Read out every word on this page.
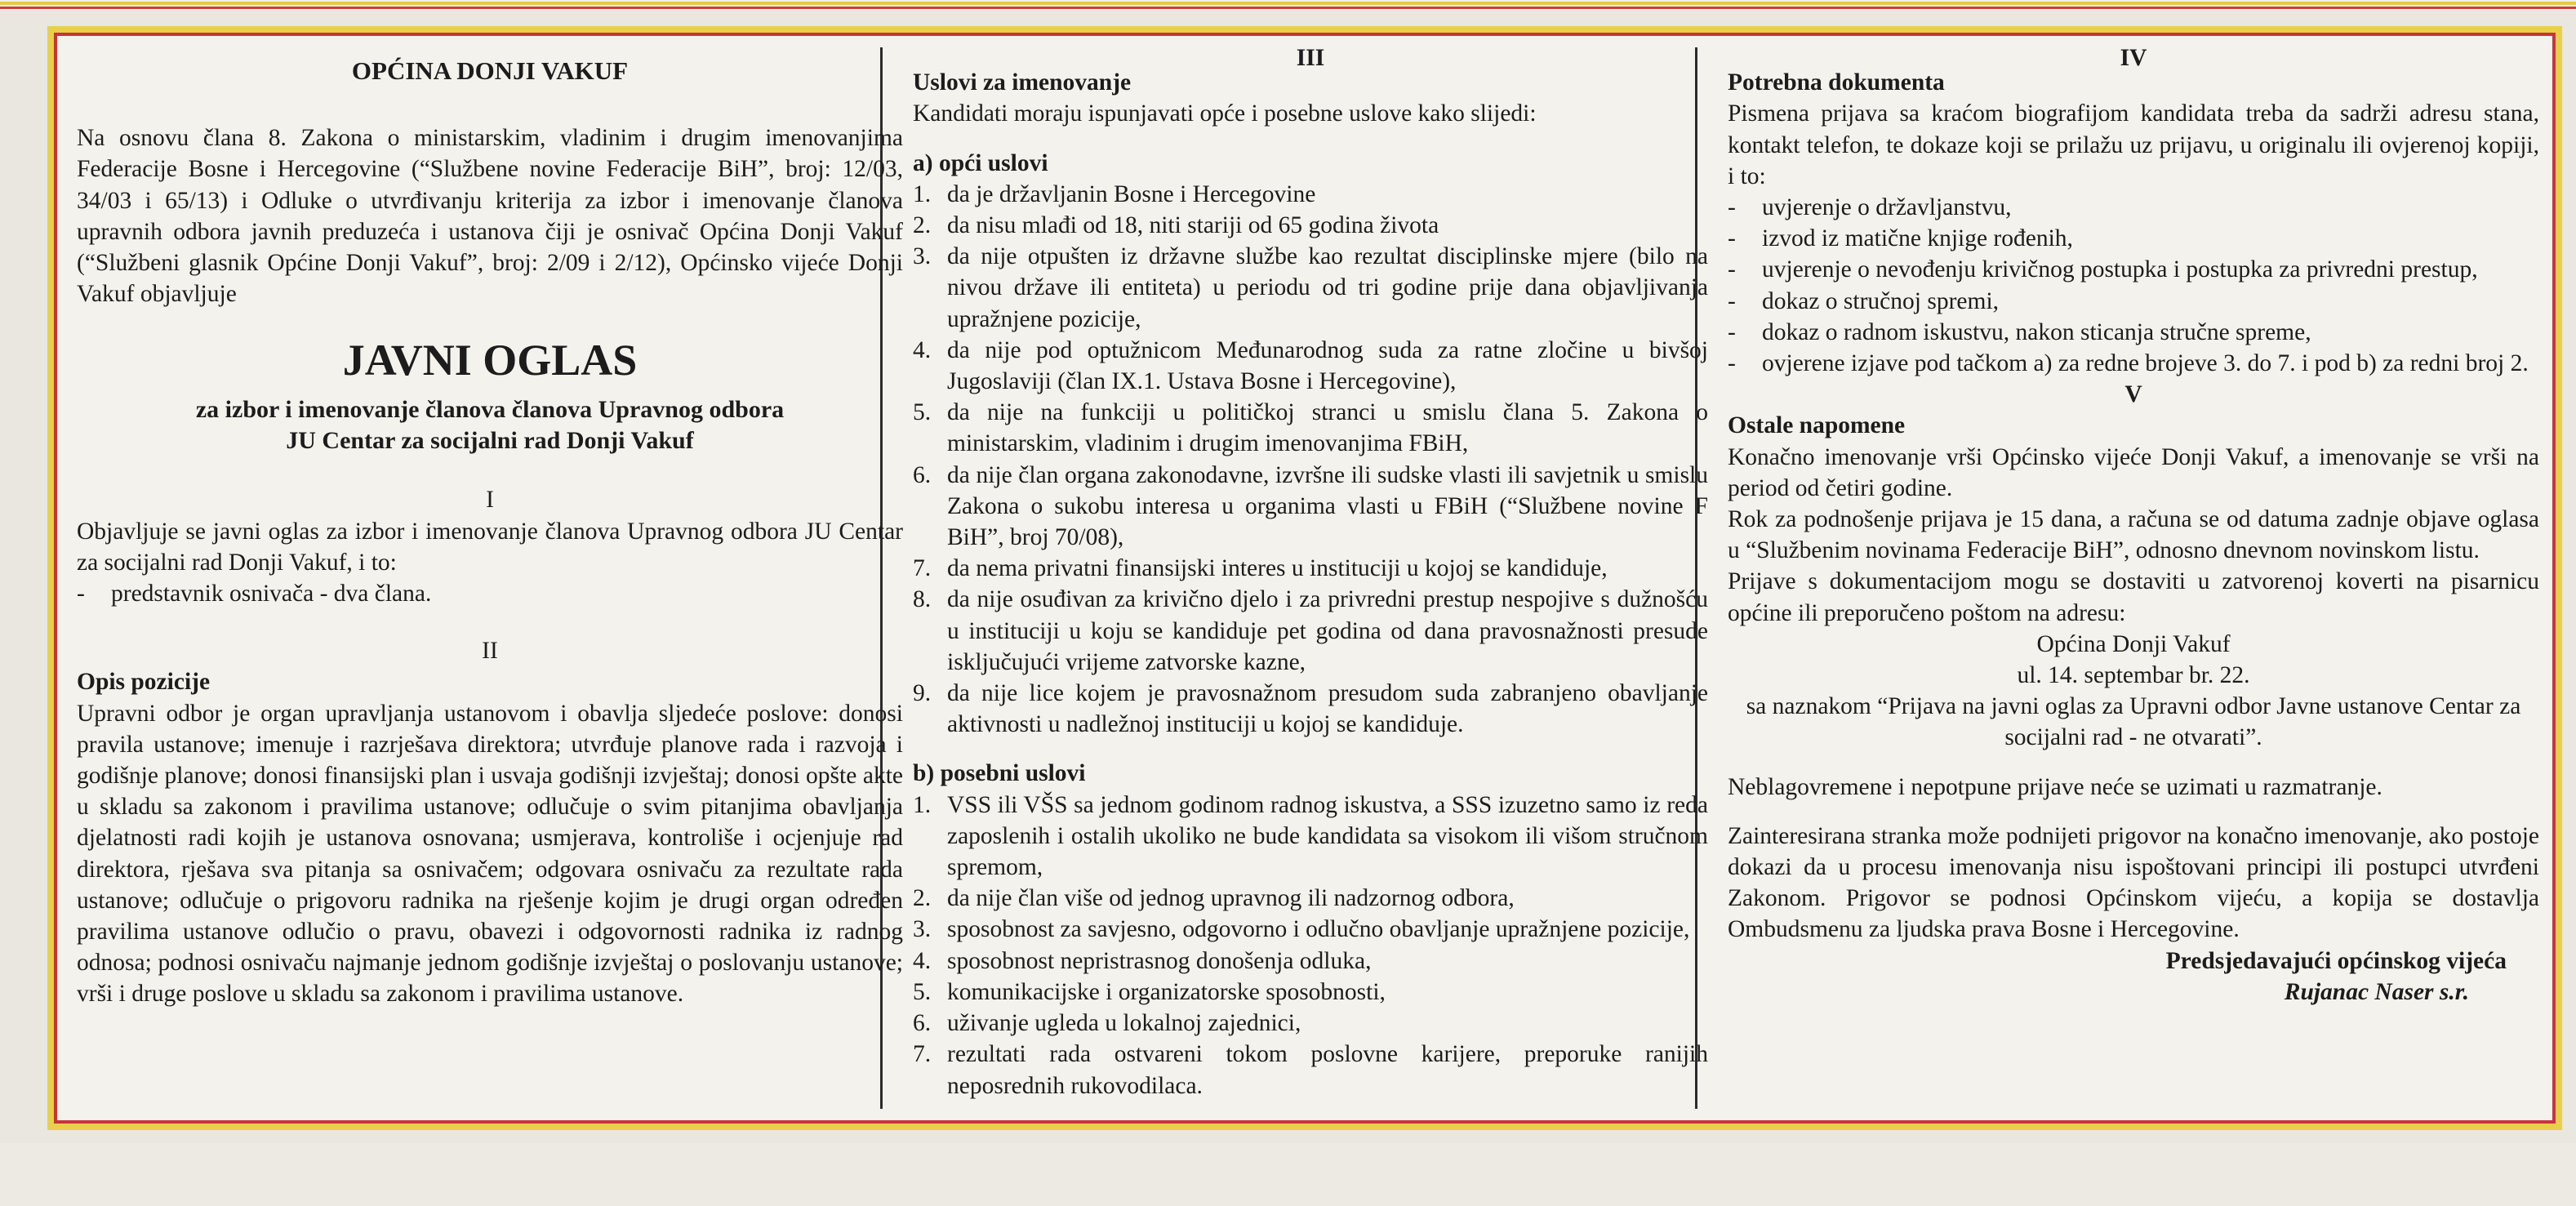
OPĆINA DONJI VAKUF

Na osnovu člana 8. Zakona o ministarskim, vladinim i drugim imenovanjima Federacije Bosne i Hercegovine (“Službene novine Federacije BiH”, broj: 12/03, 34/03 i 65/13) i Odluke o utvrđivanju kriterija za izbor i imenovanje članova upravnih odbora javnih preduzeća i ustanova čiji je osnivač Općina Donji Vakuf (“Službeni glasnik Općine Donji Vakuf”, broj: 2/09 i 2/12), Općinsko vijeće Donji Vakuf objavljuje

JAVNI OGLAS
za izbor i imenovanje članova članova Upravnog odbora
JU Centar za socijalni rad Donji Vakuf
I

Objavljuje se javni oglas za izbor i imenovanje članova Upravnog odbora JU Centar za socijalni rad Donji Vakuf, i to:

-	predstavnik osnivača - dva člana.
II
Opis pozicije

Upravni odbor je organ upravljanja ustanovom i obavlja sljedeće poslove: donosi pravila ustanove; imenuje i razrješava direktora; utvrđuje planove rada i razvoja i godišnje planove; donosi finansijski plan i usvaja godišnji izvještaj; donosi opšte akte u skladu sa zakonom i pravilima ustanove; odlučuje o svim pitanjima obavljanja djelatnosti radi kojih je ustanova osnovana; usmjerava, kontroliše i ocjenjuje rad direktora, rješava sva pitanja sa osnivačem; odgovara osnivaču za rezultate rada ustanove; odlučuje o prigovoru radnika na rješenje kojim je drugi organ određen pravilima ustanove odlučio o pravu, obavezi i odgovornosti radnika iz radnog odnosa; podnosi osnivaču najmanje jednom godišnje izvještaj o poslovanju ustanove; vrši i druge poslove u skladu sa zakonom i pravilima ustanove.

III
Uslovi za imenovanje

Kandidati moraju ispunjavati opće i posebne uslove kako slijedi:

a) opći uslovi
1. da je državljanin Bosne i Hercegovine
2. da nisu mlađi od 18, niti stariji od 65 godina života
3. da nije otpušten iz državne službe kao rezultat disciplinske mjere (bilo na nivou države ili entiteta) u periodu od tri godine prije dana objavljivanja upražnjene pozicije,
4. da nije pod optužnicom Međunarodnog suda za ratne zločine u bivšoj Jugoslaviji (član IX.1. Ustava Bosne i Hercegovine),
5. da nije na funkciji u političkoj stranci u smislu člana 5. Zakona o ministarskim, vladinim i drugim imenovanjima FBiH,
6. da nije član organa zakonodavne, izvršne ili sudske vlasti ili savjetnik u smislu Zakona o sukobu interesa u organima vlasti u FBiH (“Službene novine F BiH”, broj 70/08),
7. da nema privatni finansijski interes u instituciji u kojoj se kandiduje,
8. da nije osuđivan za krivično djelo i za privredni prestup nespojive s dužnošću u instituciji u koju se kandiduje pet godina od dana pravosnažnosti presude isključujući vrijeme zatvorske kazne,
9. da nije lice kojem je pravosnažnom presudom suda zabranjeno obavljanje aktivnosti u nadležnoj instituciji u kojoj se kandiduje.
b) posebni uslovi
1. VSS ili VŠS sa jednom godinom radnog iskustva, a SSS izuzetno samo iz reda zaposlenih i ostalih ukoliko ne bude kandidata sa visokom ili višom stručnom spremom,
2. da nije član više od jednog upravnog ili nadzornog odbora,
3. sposobnost za savjesno, odgovorno i odlučno obavljanje upražnjene pozicije,
4. sposobnost nepristrasnog donošenja odluka,
5. komunikacijske i organizatorske sposobnosti,
6. uživanje ugleda u lokalnoj zajednici,
7. rezultati rada ostvareni tokom poslovne karijere, preporuke ranijih neposrednih rukovodilaca.
IV
Potrebna dokumenta

Pismena prijava sa kraćom biografijom kandidata treba da sadrži adresu stana, kontakt telefon, te dokaze koji se prilažu uz prijavu, u originalu ili ovjerenoj kopiji, i to:

-	uvjerenje o državljanstvu,
-	izvod iz matične knjige rođenih,
-	uvjerenje o nevođenju krivičnog postupka i postupka za privredni prestup,
-	dokaz o stručnoj spremi,
-	dokaz o radnom iskustvu, nakon sticanja stručne spreme,
-	ovjerene izjave pod tačkom a) za redne brojeve 3. do 7. i pod b) za redni broj 2.
V
Ostale napomene

Konačno imenovanje vrši Općinsko vijeće Donji Vakuf, a imenovanje se vrši na period od četiri godine.

Rok za podnošenje prijava je 15 dana, a računa se od datuma zadnje objave oglasa u “Službenim novinama Federacije BiH”, odnosno dnevnom novinskom listu.

Prijave s dokumentacijom mogu se dostaviti u zatvorenoj koverti na pisarnicu općine ili preporučeno poštom na adresu:

Općina Donji Vakuf
ul. 14. septembar br. 22.
sa naznakom “Prijava na javni oglas za Upravni odbor Javne ustanove Centar za socijalni rad - ne otvarati”.

Neblagovremene i nepotpune prijave neće se uzimati u razmatranje.

Zainteresirana stranka može podnijeti prigovor na konačno imenovanje, ako postoje dokazi da u procesu imenovanja nisu ispoštovani principi ili postupci utvrđeni Zakonom. Prigovor se podnosi Općinskom vijeću, a kopija se dostavlja Ombudsmenu za ljudska prava Bosne i Hercegovine.

Predsjedavajući općinskog vijeća
Rujanac Naser s.r.
